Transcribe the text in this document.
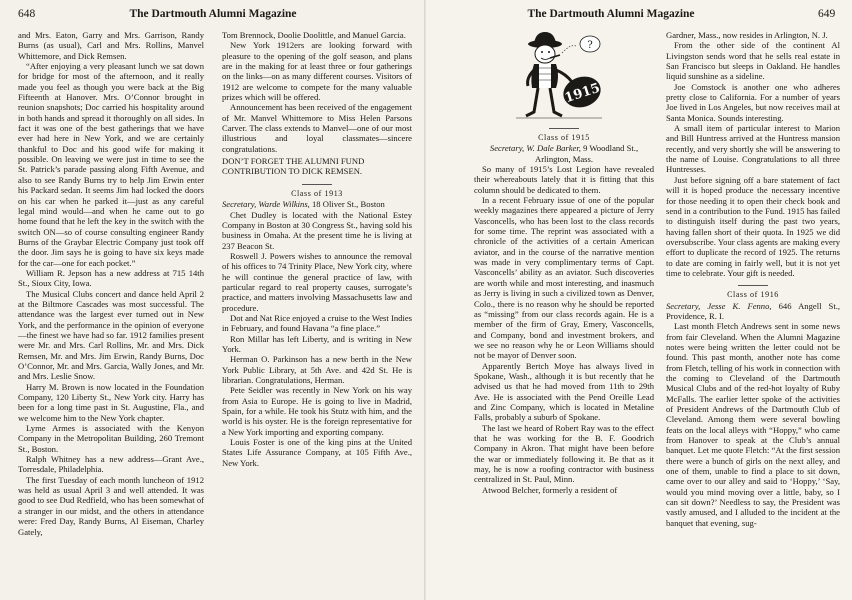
648	The Dartmouth Alumni Magazine

and Mrs. Eaton, Garry and Mrs. Garrison, Randy Burns (as usual), Carl and Mrs. Rollins, Manvel Whittemore, and Dick Remsen.

“After enjoying a very pleasant lunch we sat down for bridge for most of the afternoon, and it really made you feel as though you were back at the Big Fifteenth at Hanover. Mrs. O’Connor brought in reunion snapshots; Doc carried his hospitality around in both hands and spread it thoroughly on all sides. In fact it was one of the best gatherings that we have ever had here in New York, and we are certainly thankful to Doc and his good wife for making it possible. On leaving we were just in time to see the St. Patrick’s parade passing along Fifth Avenue, and also to see Randy Burns try to help Jim Erwin enter his Packard sedan. It seems Jim had locked the doors on his car when he parked it—just as any careful legal mind would—and when he came out to go home found that he left the key in the switch with the switch ON—so of course consulting engineer Randy Burns of the Graybar Electric Company just took off the door. Jim says he is going to have six keys made for the car—one for each pocket.”

William R. Jepson has a new address at 715 14th St., Sioux City, Iowa.

The Musical Clubs concert and dance held April 2 at the Biltmore Cascades was most successful. The attendance was the largest ever turned out in New York, and the performance in the opinion of everyone—the finest we have had so far. 1912 families present were Mr. and Mrs. Carl Rollins, Mr. and Mrs. Dick Remsen, Mr. and Mrs. Jim Erwin, Randy Burns, Doc O’Connor, Mr. and Mrs. Garcia, Wally Jones, and Mr. and Mrs. Leslie Snow.

Harry M. Brown is now located in the Foundation Company, 120 Liberty St., New York city. Harry has been for a long time past in St. Augustine, Fla., and we welcome him to the New York chapter.

Lyme Armes is associated with the Kenyon Company in the Metropolitan Building, 260 Tremont St., Boston.

Ralph Whitney has a new address—Grant Ave., Torresdale, Philadelphia.

The first Tuesday of each month luncheon of 1912 was held as usual April 3 and well attended. It was good to see Dud Redfield, who has been somewhat of a stranger in our midst, and the others in attendance were: Fred Day, Randy Burns, Al Eiseman, Charley Gately,

Tom Brennock, Doolie Doolittle, and Manuel Garcia.

New York 1912ers are looking forward with pleasure to the opening of the golf season, and plans are in the making for at least three or four gatherings on the links—on as many different courses. Visitors of 1912 are welcome to compete for the many valuable prizes which will be offered.

Announcement has been received of the engagement of Mr. Manvel Whittemore to Miss Helen Parsons Carver. The class extends to Manvel—one of our most illustrious and loyal classmates—sincere congratulations.

DON’T FORGET THE ALUMNI FUND CONTRIBUTION TO DICK REMSEN.

Class of 1913

Secretary, Warde Wilkins, 18 Oliver St., Boston

Chet Dudley is located with the National Estey Company in Boston at 30 Congress St., having sold his business in Omaha. At the present time he is living at 237 Beacon St.

Roswell J. Powers wishes to announce the removal of his offices to 74 Trinity Place, New York city, where he will continue the general practice of law, with particular regard to real property causes, surrogate’s practice, and matters involving Massachusetts law and procedure.

Dot and Nat Rice enjoyed a cruise to the West Indies in February, and found Havana “a fine place.”

Ron Millar has left Liberty, and is writing in New York.

Herman O. Parkinson has a new berth in the New York Public Library, at 5th Ave. and 42d St. He is librarian. Congratulations, Herman.

Pete Seidler was recently in New York on his way from Asia to Europe. He is going to live in Madrid, Spain, for a while. He took his Stutz with him, and the world is his oyster. He is the foreign representative for a New York importing and exporting company.

Louis Foster is one of the king pins at the United States Life Assurance Company, at 105 Fifth Ave., New York.

The Dartmouth Alumni Magazine	649
?
1915

Class of 1915

Secretary, W. Dale Barker, 9 Woodland St., Arlington, Mass.

So many of 1915’s Lost Legion have revealed their whereabouts lately that it is fitting that this column should be dedicated to them.

In a recent February issue of one of the popular weekly magazines there appeared a picture of Jerry Vasconcells, who has been lost to the class records for some time. The reprint was associated with a chronicle of the activities of a certain American aviator, and in the course of the narrative mention was made in very complimentary terms of Capt. Vasconcells’ ability as an aviator. Such discoveries are worth while and most interesting, and inasmuch as Jerry is living in such a civilized town as Denver, Colo., there is no reason why he should be reported as “missing” from our class records again. He is a member of the firm of Gray, Emery, Vasconcells, and Company, bond and investment brokers, and we see no reason why he or Leon Williams should not be mayor of Denver soon.

Apparently Bertch Moye has always lived in Spokane, Wash., although it is but recently that he advised us that he had moved from 11th to 29th Ave. He is associated with the Pend Oreille Lead and Zinc Company, which is located in Metaline Falls, probably a suburb of Spokane.

The last we heard of Robert Ray was to the effect that he was working for the B. F. Goodrich Company in Akron. That might have been before the war or immediately following it. Be that as it may, he is now a roofing contractor with business centralized in St. Paul, Minn.

Atwood Belcher, formerly a resident of

Gardner, Mass., now resides in Arlington, N. J.

From the other side of the continent Al Livingston sends word that he sells real estate in San Francisco but sleeps in Oakland. He handles liquid sunshine as a sideline.

Joe Comstock is another one who adheres pretty close to California. For a number of years Joe lived in Los Angeles, but now receives mail at Santa Monica. Sounds interesting.

A small item of particular interest to Marion and Bill Huntress arrived at the Huntress mansion recently, and very shortly she will be answering to the name of Louise. Congratulations to all three Huntresses.

Just before signing off a bare statement of fact will it is hoped produce the necessary incentive for those needing it to open their check book and send in a contribution to the Fund. 1915 has failed to distinguish itself during the past two years, having fallen short of their quota. In 1925 we did oversubscribe. Your class agents are making every effort to duplicate the record of 1925. The returns to date are coming in fairly well, but it is not yet time to celebrate. Your gift is needed.

Class of 1916

Secretary, Jesse K. Fenno, 646 Angell St., Providence, R. I.

Last month Fletch Andrews sent in some news from fair Cleveland. When the Alumni Magazine notes were being written the letter could not be found. This past month, another note has come from Fletch, telling of his work in connection with the coming to Cleveland of the Dartmouth Musical Clubs and of the red-hot loyalty of Ruby McFalls. The earlier letter spoke of the activities of President Andrews of the Dartmouth Club of Cleveland. Among them were several bowling feats on the local alleys with “Hoppy,” who came from Hanover to speak at the Club’s annual banquet. Let me quote Fletch: “At the first session there were a bunch of girls on the next alley, and one of them, unable to find a place to sit down, came over to our alley and said to ‘Hoppy,’ ‘Say, would you mind moving over a little, baby, so I can sit down?’ Needless to say, the President was vastly amused, and I alluded to the incident at the banquet that evening, sug-
